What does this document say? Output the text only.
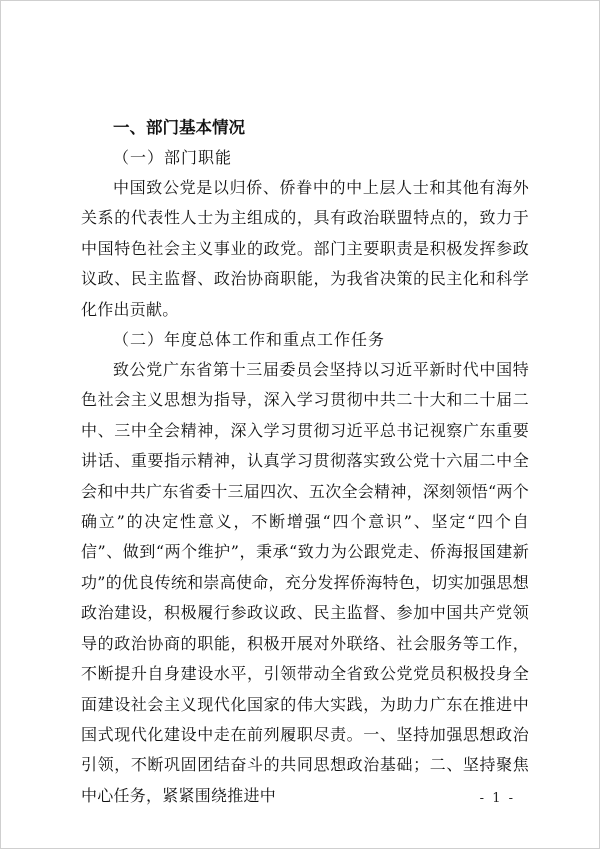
一、部门基本情况

（一）部门职能

中国致公党是以归侨、侨眷中的中上层人士和其他有海外关系的代表性人士为主组成的，具有政治联盟特点的，致力于中国特色社会主义事业的政党。部门主要职责是积极发挥参政议政、民主监督、政治协商职能，为我省决策的民主化和科学化作出贡献。

（二）年度总体工作和重点工作任务

致公党广东省第十三届委员会坚持以习近平新时代中国特色社会主义思想为指导，深入学习贯彻中共二十大和二十届二中、三中全会精神，深入学习贯彻习近平总书记视察广东重要讲话、重要指示精神，认真学习贯彻落实致公党十六届二中全会和中共广东省委十三届四次、五次全会精神，深刻领悟“两个确立”的决定性意义，不断增强“四个意识”、坚定“四个自信”、做到“两个维护”，秉承“致力为公跟党走、侨海报国建新功”的优良传统和崇高使命，充分发挥侨海特色，切实加强思想政治建设，积极履行参政议政、民主监督、参加中国共产党领导的政治协商的职能，积极开展对外联络、社会服务等工作，不断提升自身建设水平，引领带动全省致公党党员积极投身全面建设社会主义现代化国家的伟大实践，为助力广东在推进中国式现代化建设中走在前列履职尽责。一、坚持加强思想政治引领，不断巩固团结奋斗的共同思想政治基础；二、坚持聚焦中心任务，紧紧围绕推进中	- 1 -
